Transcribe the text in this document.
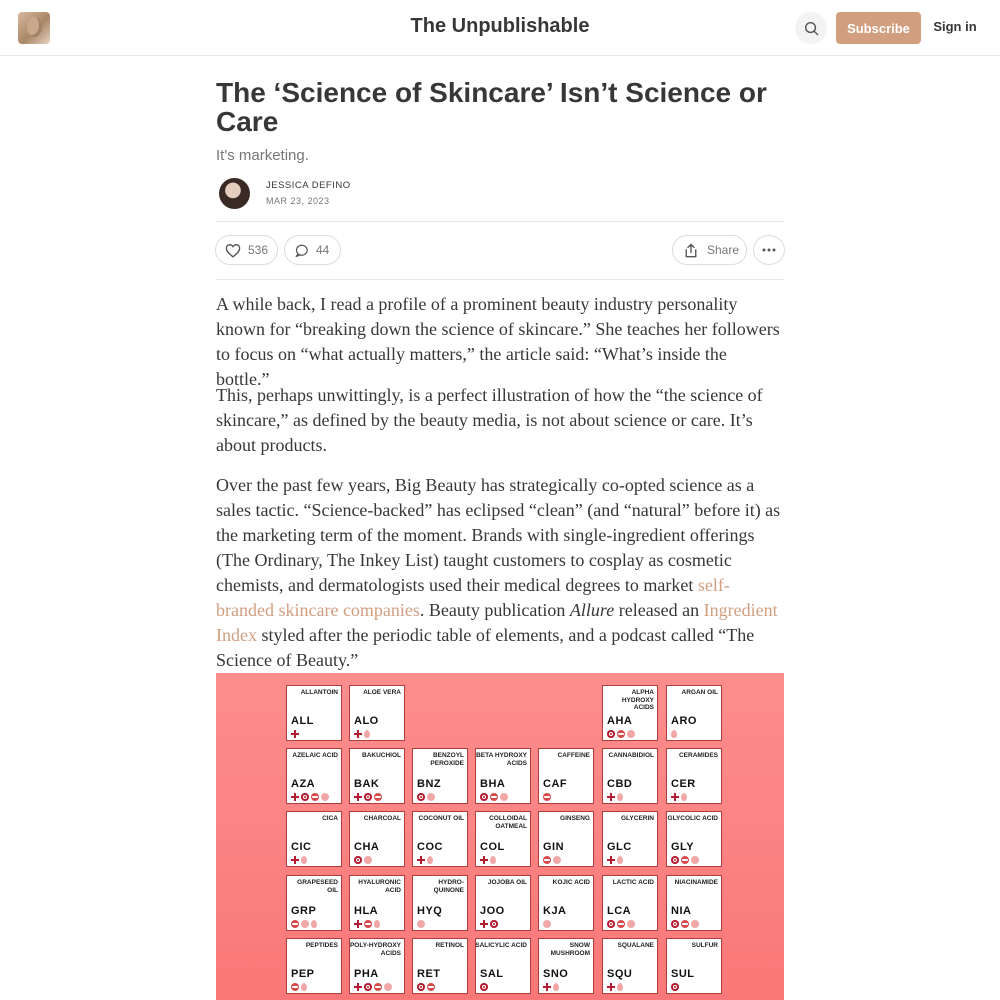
The Unpublishable	Subscribe	Sign in
The ‘Science of Skincare’ Isn’t Science or Care
It's marketing.
JESSICA DEFINO
MAR 23, 2023
536	44	Share

A while back, I read a profile of a prominent beauty industry personality known for “breaking down the science of skincare.” She teaches her followers to focus on “what actually matters,” the article said: “What’s inside the bottle.”

This, perhaps unwittingly, is a perfect illustration of how the “the science of skincare,” as defined by the beauty media, is not about science or care. It’s about products.

Over the past few years, Big Beauty has strategically co-opted science as a sales tactic. “Science-backed” has eclipsed “clean” (and “natural” before it) as the marketing term of the moment. Brands with single-ingredient offerings (The Ordinary, The Inkey List) taught customers to cosplay as cosmetic chemists, and dermatologists used their medical degrees to market self-branded skincare companies. Beauty publication Allure released an Ingredient Index styled after the periodic table of elements, and a podcast called “The Science of Beauty.”

ALLANTOIN
ALL
ALOE VERA
ALO
ALPHA HYDROXY ACIDS
AHA
ARGAN OIL
ARO
AZELAIC ACID
AZA
BAKUCHIOL
BAK
BENZOYL PEROXIDE
BNZ
BETA HYDROXY ACIDS
BHA
CAFFEINE
CAF
CANNABIDIOL
CBD
CERAMIDES
CER
CICA
CIC
CHARCOAL
CHA
COCONUT OIL
COC
COLLOIDAL OATMEAL
COL
GINSENG
GIN
GLYCERIN
GLC
GLYCOLIC ACID
GLY
GRAPESEED OIL
GRP
HYALURONIC ACID
HLA
HYDRO-QUINONE
HYQ
JOJOBA OIL
JOO
KOJIC ACID
KJA
LACTIC ACID
LCA
NIACINAMIDE
NIA
PEPTIDES
PEP
POLY-HYDROXY ACIDS
PHA
RETINOL
RET
SALICYLIC ACID
SAL
SNOW MUSHROOM
SNO
SQUALANE
SQU
SULFUR
SUL
